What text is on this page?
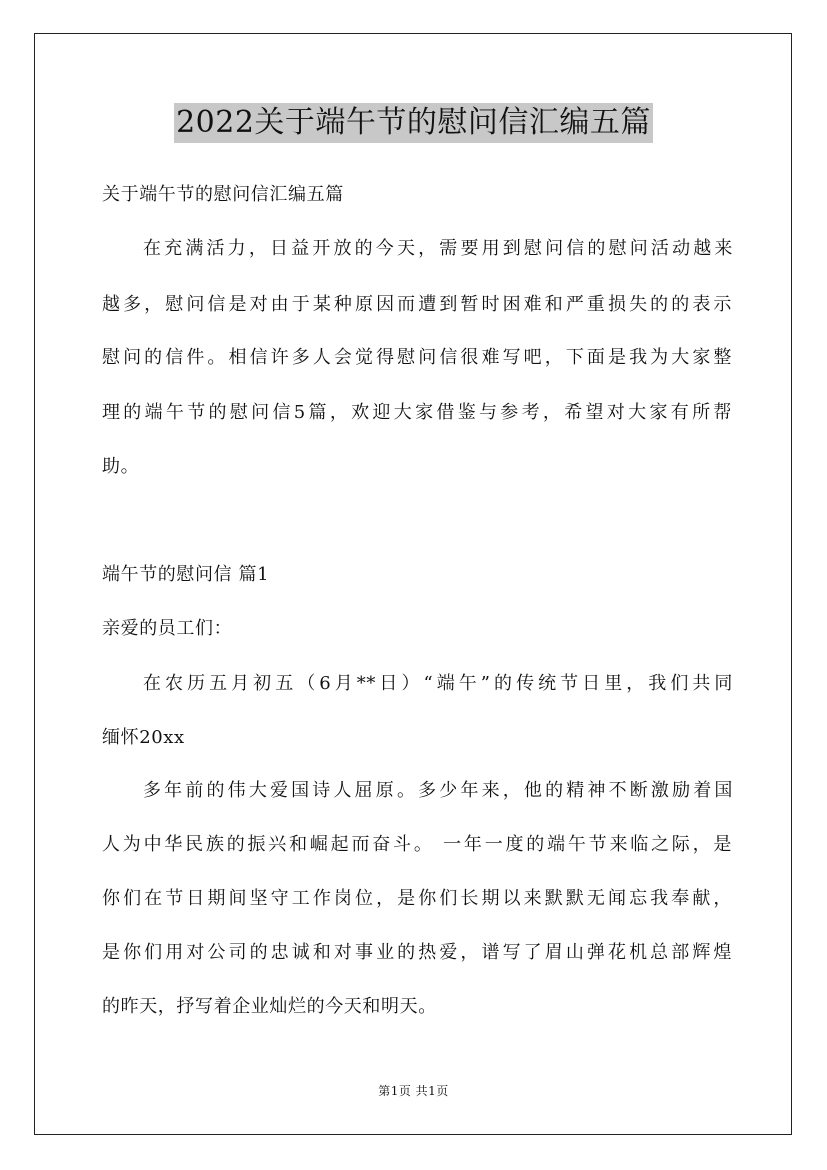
2022关于端午节的慰问信汇编五篇
关于端午节的慰问信汇编五篇
在充满活力，日益开放的今天，需要用到慰问信的慰问活动越来
越多，慰问信是对由于某种原因而遭到暂时困难和严重损失的的表示
慰问的信件。相信许多人会觉得慰问信很难写吧，下面是我为大家整
理的端午节的慰问信5篇，欢迎大家借鉴与参考，希望对大家有所帮
助。
端午节的慰问信 篇1
亲爱的员工们：
在农历五月初五（6月**日）“端午”的传统节日里，我们共同
缅怀20xx
多年前的伟大爱国诗人屈原。多少年来，他的精神不断激励着国
人为中华民族的振兴和崛起而奋斗。 一年一度的端午节来临之际，是
你们在节日期间坚守工作岗位，是你们长期以来默默无闻忘我奉献，
是你们用对公司的忠诚和对事业的热爱，谱写了眉山弹花机总部辉煌
的昨天，抒写着企业灿烂的今天和明天。
第1页 共1页
